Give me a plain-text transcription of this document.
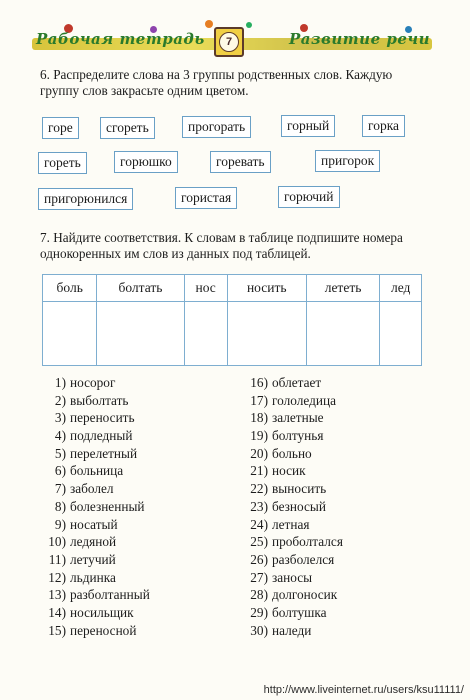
Рабочая тетрадь	7	Развитие речи
6. Распределите слова на 3 группы родственных слов. Каждую группу слов закрасьте одним цветом.
горе	сгореть	прогорать	горный	горка
гореть	горюшко	горевать	пригорок
пригорюнился	гористая	горючий
7. Найдите соответствия. К словам в таблице подпишите номера однокоренных им слов из данных под таблицей.
боль	болтать	нос	носить	лететь	лед

1) носорог
2) выболтать
3) переносить
4) подледный
5) перелетный
6) больница
7) заболел
8) болезненный
9) носатый
10) ледяной
11) летучий
12) льдинка
13) разболтанный
14) носильщик
15) переносной
16) облетает
17) гололедица
18) залетные
19) болтунья
20) больно
21) носик
22) выносить
23) безносый
24) летная
25) проболтался
26) разболелся
27) заносы
28) долгоносик
29) болтушка
30) наледи
http://www.liveinternet.ru/users/ksu11111/
